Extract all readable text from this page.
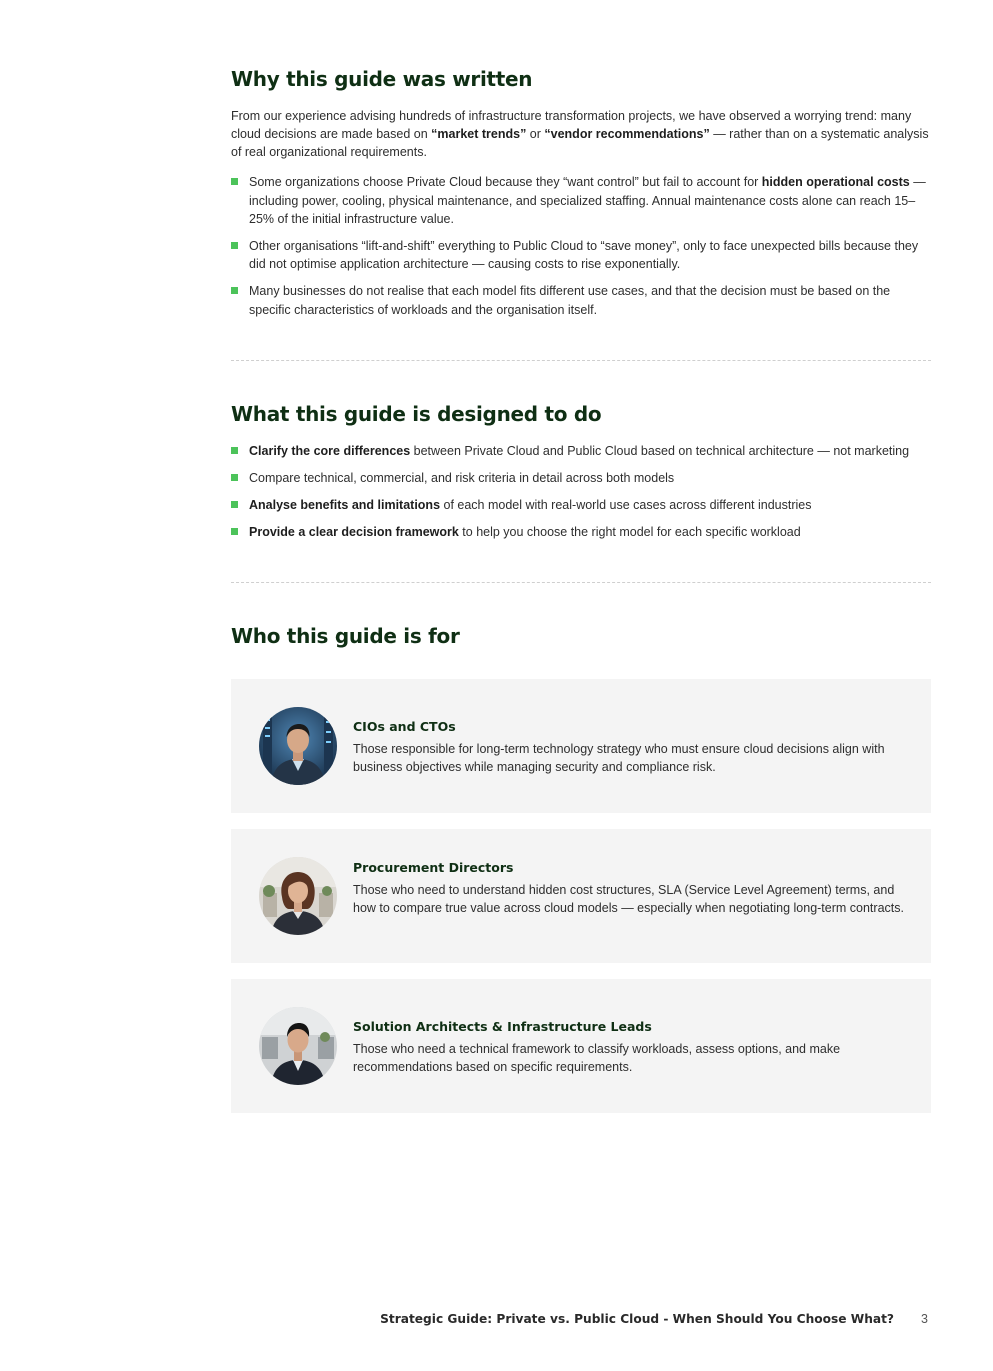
Why this guide was written

From our experience advising hundreds of infrastructure transformation projects, we have observed a worrying trend: many cloud decisions are made based on “market trends” or “vendor recommendations” — rather than on a systematic analysis of real organizational requirements.

Some organizations choose Private Cloud because they “want control” but fail to account for hidden operational costs — including power, cooling, physical maintenance, and specialized staffing. Annual maintenance costs alone can reach 15–25% of the initial infrastructure value.
Other organisations “lift-and-shift” everything to Public Cloud to “save money”, only to face unexpected bills because they did not optimise application architecture — causing costs to rise exponentially.
Many businesses do not realise that each model fits different use cases, and that the decision must be based on the specific characteristics of workloads and the organisation itself.
What this guide is designed to do
Clarify the core differences between Private Cloud and Public Cloud based on technical architecture — not marketing
Compare technical, commercial, and risk criteria in detail across both models
Analyse benefits and limitations of each model with real-world use cases across different industries
Provide a clear decision framework to help you choose the right model for each specific workload
Who this guide is for

CIOs and CTOs

Those responsible for long-term technology strategy who must ensure cloud decisions align with business objectives while managing security and compliance risk.

Procurement Directors

Those who need to understand hidden cost structures, SLA (Service Level Agreement) terms, and how to compare true value across cloud models — especially when negotiating long-term contracts.

Solution Architects & Infrastructure Leads

Those who need a technical framework to classify workloads, assess options, and make recommendations based on specific requirements.

Strategic Guide: Private vs. Public Cloud - When Should You Choose What? 3
